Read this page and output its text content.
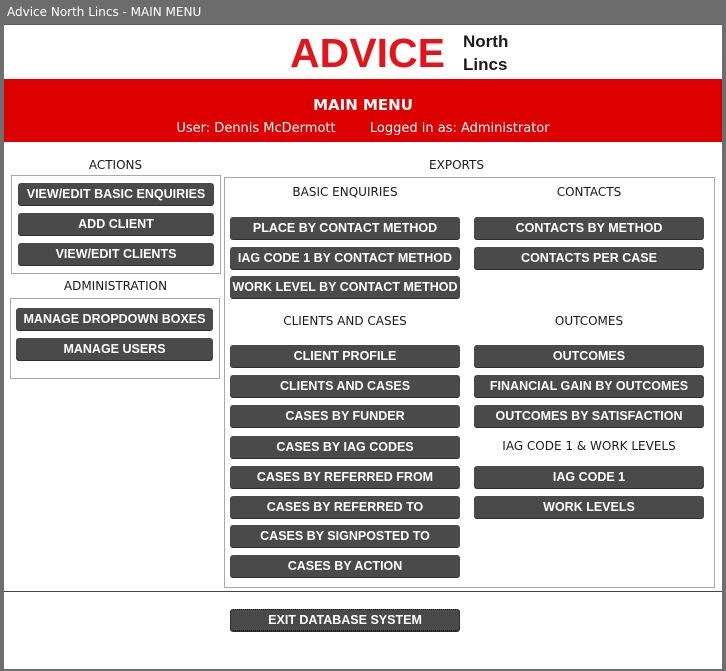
Advice North Lincs - MAIN MENU
ADVICE North
Lincs
MAIN MENU
User: Dennis McDermott	Logged in as: Administrator
ACTIONS
VIEW/EDIT BASIC ENQUIRIES
ADD CLIENT
VIEW/EDIT CLIENTS
ADMINISTRATION
MANAGE DROPDOWN BOXES
MANAGE USERS
EXPORTS
BASIC ENQUIRIES
PLACE BY CONTACT METHOD
IAG CODE 1 BY CONTACT METHOD
WORK LEVEL BY CONTACT METHOD
CONTACTS
CONTACTS BY METHOD
CONTACTS PER CASE
CLIENTS AND CASES
CLIENT PROFILE
CLIENTS AND CASES
CASES BY FUNDER
CASES BY IAG CODES
CASES BY REFERRED FROM
CASES BY REFERRED TO
CASES BY SIGNPOSTED TO
CASES BY ACTION
OUTCOMES
OUTCOMES
FINANCIAL GAIN BY OUTCOMES
OUTCOMES BY SATISFACTION
IAG CODE 1 & WORK LEVELS
IAG CODE 1
WORK LEVELS
EXIT DATABASE SYSTEM
